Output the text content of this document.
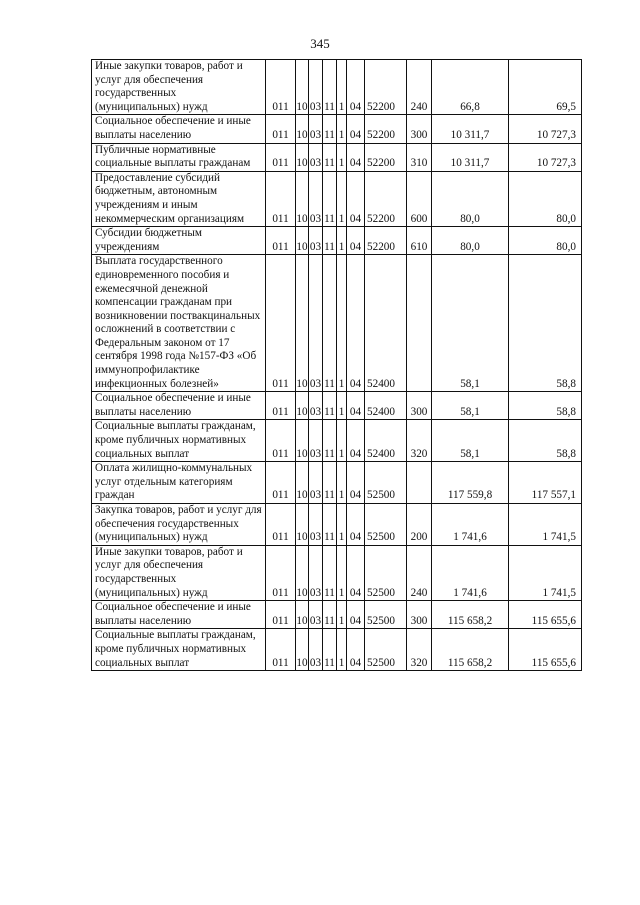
345
Иные закупки товаров, работ и услуг для обеспечения государственных (муниципальных) нужд	011	10	03	11	1	04	52200	240	66,8	69,5
Социальное обеспечение и иные выплаты населению	011	10	03	11	1	04	52200	300	10 311,7	10 727,3
Публичные нормативные социальные выплаты гражданам	011	10	03	11	1	04	52200	310	10 311,7	10 727,3
Предоставление субсидий бюджетным, автономным учреждениям и иным некоммерческим организациям	011	10	03	11	1	04	52200	600	80,0	80,0
Субсидии бюджетным учреждениям	011	10	03	11	1	04	52200	610	80,0	80,0
Выплата государственного единовременного пособия и ежемесячной денежной компенсации гражданам при возникновении поствакцинальных осложнений в соответствии с Федеральным законом от 17 сентября 1998 года №157-ФЗ «Об иммунопрофилактике инфекционных болезней»	011	10	03	11	1	04	52400		58,1	58,8
Социальное обеспечение и иные выплаты населению	011	10	03	11	1	04	52400	300	58,1	58,8
Социальные выплаты гражданам, кроме публичных нормативных социальных выплат	011	10	03	11	1	04	52400	320	58,1	58,8
Оплата жилищно-коммунальных услуг отдельным категориям граждан	011	10	03	11	1	04	52500		117 559,8	117 557,1
Закупка товаров, работ и услуг для обеспечения государственных (муниципальных) нужд	011	10	03	11	1	04	52500	200	1 741,6	1 741,5
Иные закупки товаров, работ и услуг для обеспечения государственных (муниципальных) нужд	011	10	03	11	1	04	52500	240	1 741,6	1 741,5
Социальное обеспечение и иные выплаты населению	011	10	03	11	1	04	52500	300	115 658,2	115 655,6
Социальные выплаты гражданам, кроме публичных нормативных социальных выплат	011	10	03	11	1	04	52500	320	115 658,2	115 655,6
